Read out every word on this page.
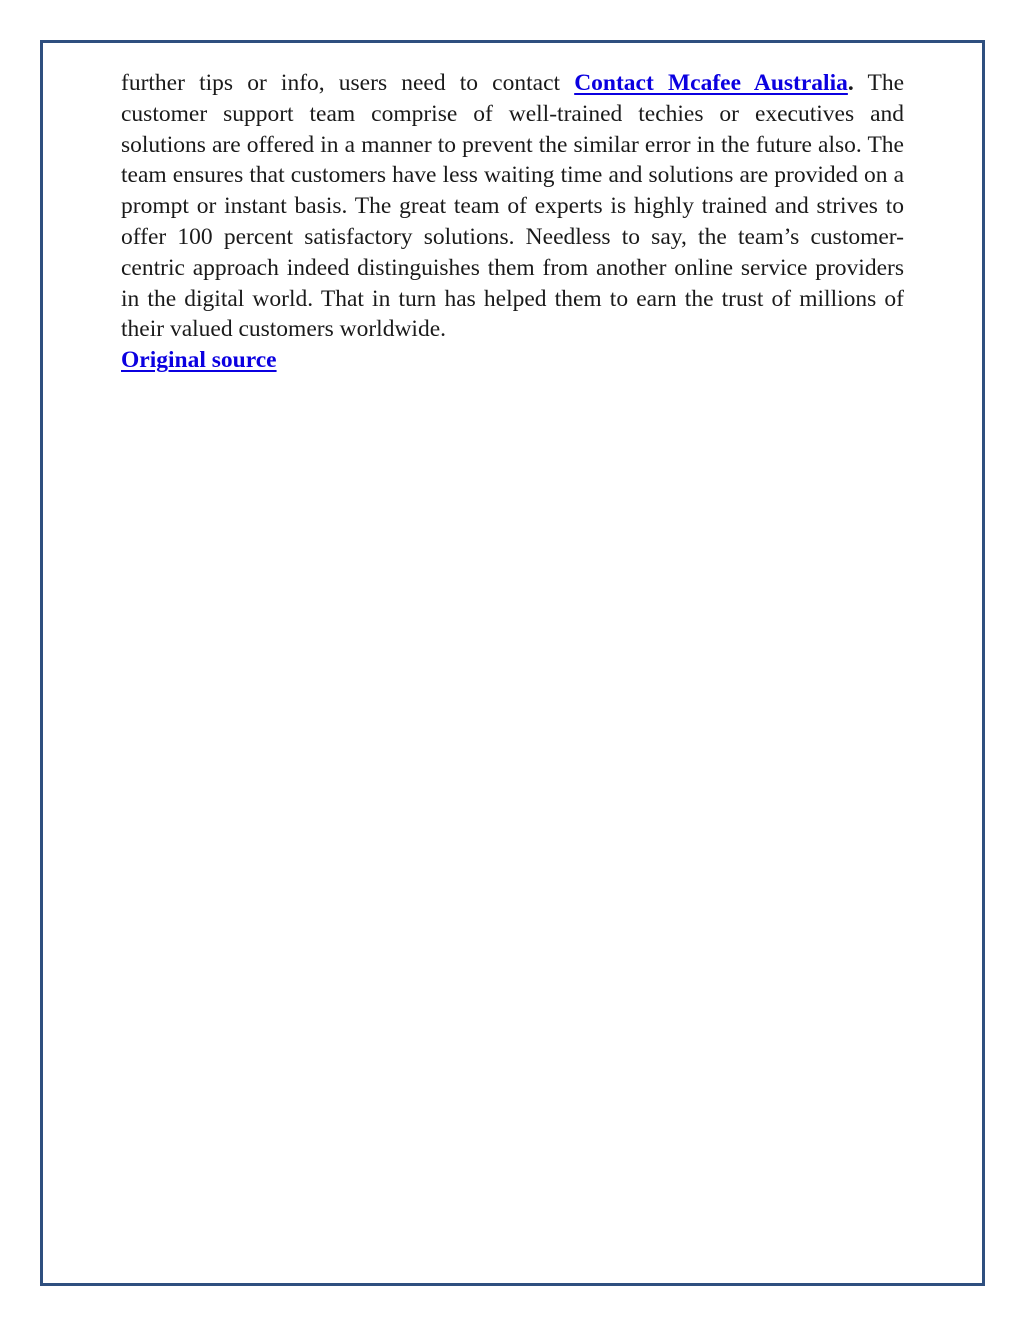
further tips or info, users need to contact Contact Mcafee Australia. The customer support team comprise of well-trained techies or executives and solutions are offered in a manner to prevent the similar error in the future also. The team ensures that customers have less waiting time and solutions are provided on a prompt or instant basis. The great team of experts is highly trained and strives to offer 100 percent satisfactory solutions. Needless to say, the team’s customer-centric approach indeed distinguishes them from another online service providers in the digital world. That in turn has helped them to earn the trust of millions of their valued customers worldwide.

Original source
